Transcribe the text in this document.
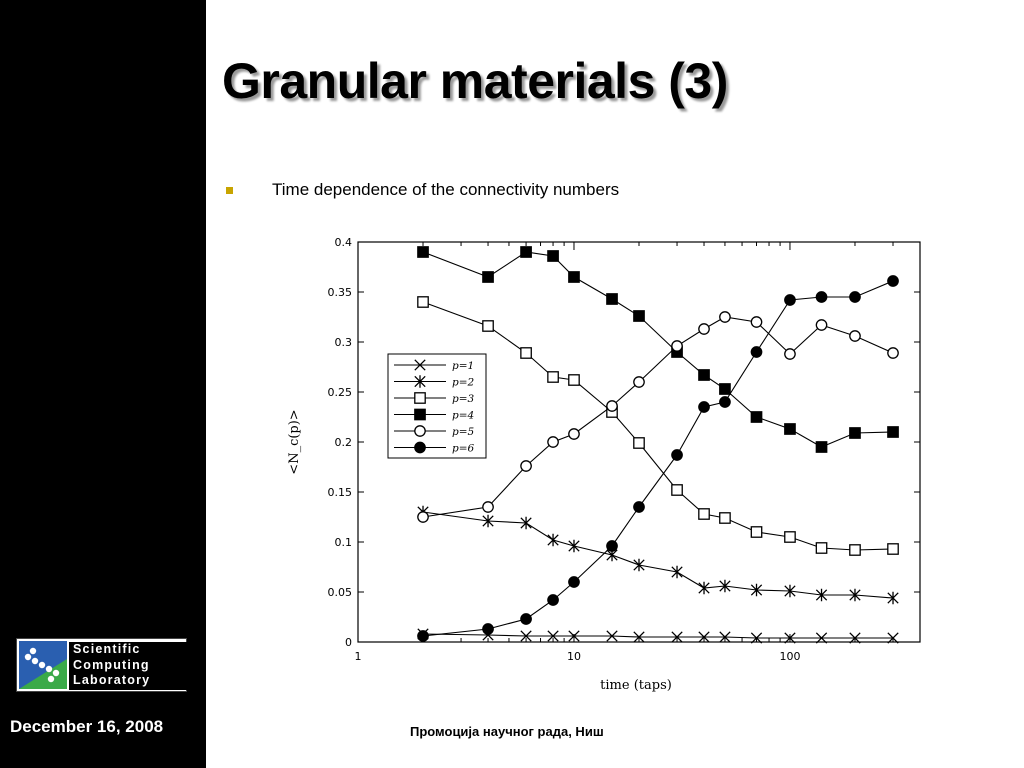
Scientific
Computing
Laboratory
December 16, 2008
Granular materials (3)
Time dependence of the connectivity numbers
0
0.05
0.1
0.15
0.2
0.25
0.3
0.35
0.4
1	10	100
time (taps)
<N_c(p)>
p=1
p=2
p=3
p=4
p=5
p=6
Промоција научног рада, Ниш
